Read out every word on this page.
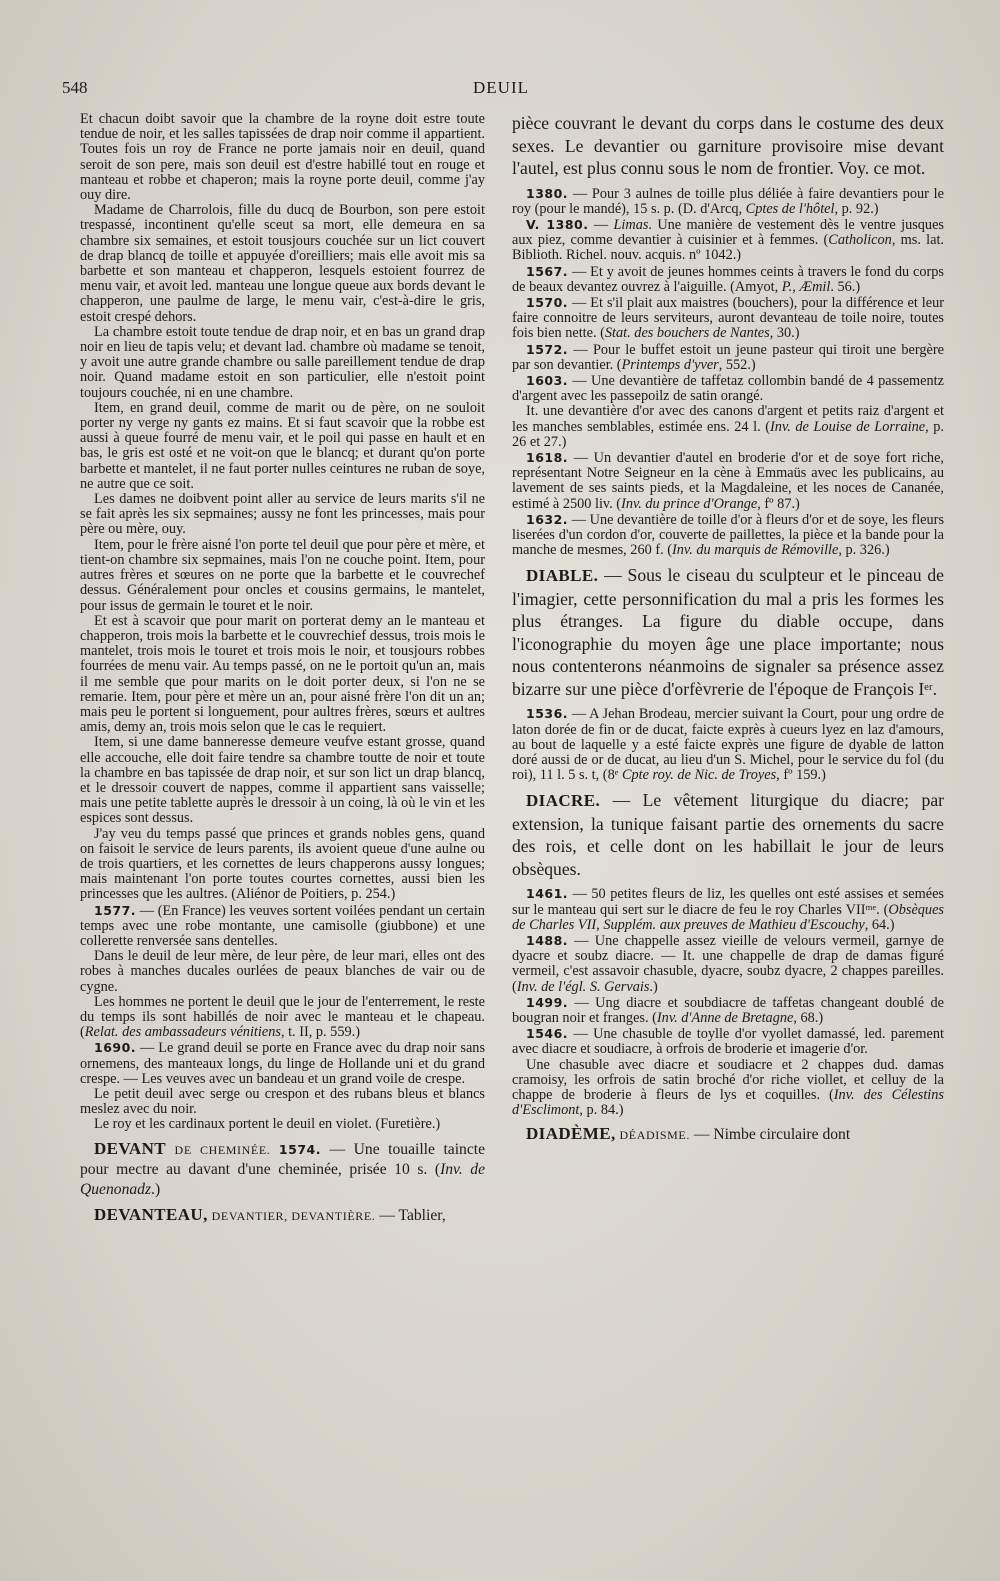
548	DEUIL

Et chacun doibt savoir que la chambre de la royne doit estre toute tendue de noir, et les salles tapissées de drap noir comme il appartient. Toutes fois un roy de France ne porte jamais noir en deuil, quand seroit de son pere, mais son deuil est d'estre habillé tout en rouge et manteau et robbe et chaperon; mais la royne porte deuil, comme j'ay ouy dire.

Madame de Charrolois, fille du ducq de Bourbon, son pere estoit trespassé, incontinent qu'elle sceut sa mort, elle demeura en sa chambre six semaines, et estoit tousjours couchée sur un lict couvert de drap blancq de toille et appuyée d'oreilliers; mais elle avoit mis sa barbette et son manteau et chapperon, lesquels estoient fourrez de menu vair, et avoit led. manteau une longue queue aux bords devant le chapperon, une paulme de large, le menu vair, c'est-à-dire le gris, estoit crespé dehors.

La chambre estoit toute tendue de drap noir, et en bas un grand drap noir en lieu de tapis velu; et devant lad. chambre où madame se tenoit, y avoit une autre grande chambre ou salle pareillement tendue de drap noir. Quand madame estoit en son particulier, elle n'estoit point toujours couchée, ni en une chambre.

Item, en grand deuil, comme de marit ou de père, on ne souloit porter ny verge ny gants ez mains. Et si faut scavoir que la robbe est aussi à queue fourré de menu vair, et le poil qui passe en hault et en bas, le gris est osté et ne voit-on que le blancq; et durant qu'on porte barbette et mantelet, il ne faut porter nulles ceintures ne ruban de soye, ne autre que ce soit.

Les dames ne doibvent point aller au service de leurs marits s'il ne se fait après les six sepmaines; aussy ne font les princesses, mais pour père ou mère, ouy.

Item, pour le frère aisné l'on porte tel deuil que pour père et mère, et tient-on chambre six sepmaines, mais l'on ne couche point. Item, pour autres frères et sœures on ne porte que la barbette et le couvrechef dessus. Généralement pour oncles et cousins germains, le mantelet, pour issus de germain le touret et le noir.

Et est à scavoir que pour marit on porterat demy an le manteau et chapperon, trois mois la barbette et le couvrechief dessus, trois mois le mantelet, trois mois le touret et trois mois le noir, et tousjours robbes fourrées de menu vair. Au temps passé, on ne le portoit qu'un an, mais il me semble que pour marits on le doit porter deux, si l'on ne se remarie. Item, pour père et mère un an, pour aisné frère l'on dit un an; mais peu le portent si longuement, pour aultres frères, sœurs et aultres amis, demy an, trois mois selon que le cas le requiert.

Item, si une dame banneresse demeure veufve estant grosse, quand elle accouche, elle doit faire tendre sa chambre toutte de noir et toute la chambre en bas tapissée de drap noir, et sur son lict un drap blancq, et le dressoir couvert de nappes, comme il appartient sans vaisselle; mais une petite tablette auprès le dressoir à un coing, là où le vin et les espices sont dessus.

J'ay veu du temps passé que princes et grands nobles gens, quand on faisoit le service de leurs parents, ils avoient queue d'une aulne ou de trois quartiers, et les cornettes de leurs chapperons aussy longues; mais maintenant l'on porte toutes courtes cornettes, aussi bien les princesses que les aultres. (Aliénor de Poitiers, p. 254.)

1577. — (En France) les veuves sortent voilées pendant un certain temps avec une robe montante, une camisolle (giubbone) et une collerette renversée sans dentelles.

Dans le deuil de leur mère, de leur père, de leur mari, elles ont des robes à manches ducales ourlées de peaux blanches de vair ou de cygne.

Les hommes ne portent le deuil que le jour de l'enterrement, le reste du temps ils sont habillés de noir avec le manteau et le chapeau. (Relat. des ambassadeurs vénitiens, t. II, p. 559.)

1690. — Le grand deuil se porte en France avec du drap noir sans ornemens, des manteaux longs, du linge de Hollande uni et du grand crespe. — Les veuves avec un bandeau et un grand voile de crespe.

Le petit deuil avec serge ou crespon et des rubans bleus et blancs meslez avec du noir.

Le roy et les cardinaux portent le deuil en violet. (Furetière.)

DEVANT DE CHEMINÉE. 1574. — Une touaille taincte pour mectre au davant d'une cheminée, prisée 10 s. (Inv. de Quenonadz.)

DEVANTEAU, DEVANTIER, DEVANTIÈRE. — Tablier,

pièce couvrant le devant du corps dans le costume des deux sexes. Le devantier ou garniture provisoire mise devant l'autel, est plus connu sous le nom de frontier. Voy. ce mot.

1380. — Pour 3 aulnes de toille plus déliée à faire devantiers pour le roy (pour le mandé), 15 s. p. (D. d'Arcq, Cptes de l'hôtel, p. 92.)

V. 1380. — Limas. Une manière de vestement dès le ventre jusques aux piez, comme devantier à cuisinier et à femmes. (Catholicon, ms. lat. Biblioth. Richel. nouv. acquis. nº 1042.)

1567. — Et y avoit de jeunes hommes ceints à travers le fond du corps de beaux devantez ouvrez à l'aiguille. (Amyot, P., Æmil. 56.)

1570. — Et s'il plait aux maistres (bouchers), pour la différence et leur faire connoitre de leurs serviteurs, auront devanteau de toile noire, toutes fois bien nette. (Stat. des bouchers de Nantes, 30.)

1572. — Pour le buffet estoit un jeune pasteur qui tiroit une bergère par son devantier. (Printemps d'yver, 552.)

1603. — Une devantière de taffetaz collombin bandé de 4 passementz d'argent avec les passepoilz de satin orangé.

It. une devantière d'or avec des canons d'argent et petits raiz d'argent et les manches semblables, estimée ens. 24 l. (Inv. de Louise de Lorraine, p. 26 et 27.)

1618. — Un devantier d'autel en broderie d'or et de soye fort riche, représentant Notre Seigneur en la cène à Emmaüs avec les publicains, au lavement de ses saints pieds, et la Magdaleine, et les noces de Cananée, estimé à 2500 liv. (Inv. du prince d'Orange, fº 87.)

1632. — Une devantière de toille d'or à fleurs d'or et de soye, les fleurs liserées d'un cordon d'or, couverte de paillettes, la pièce et la bande pour la manche de mesmes, 260 f. (Inv. du marquis de Rémoville, p. 326.)

DIABLE. — Sous le ciseau du sculpteur et le pinceau de l'imagier, cette personnification du mal a pris les formes les plus étranges. La figure du diable occupe, dans l'iconographie du moyen âge une place importante; nous nous contenterons néanmoins de signaler sa présence assez bizarre sur une pièce d'orfèvrerie de l'époque de François Iᵉʳ.

1536. — A Jehan Brodeau, mercier suivant la Court, pour ung ordre de laton dorée de fin or de ducat, faicte exprès à cueurs lyez en laz d'amours, au bout de laquelle y a esté faicte exprès une figure de dyable de latton doré aussi de or de ducat, au lieu d'un S. Michel, pour le service du fol (du roi), 11 l. 5 s. t, (8ᵉ Cpte roy. de Nic. de Troyes, fº 159.)

DIACRE. — Le vêtement liturgique du diacre; par extension, la tunique faisant partie des ornements du sacre des rois, et celle dont on les habillait le jour de leurs obsèques.

1461. — 50 petites fleurs de liz, les quelles ont esté assises et semées sur le manteau qui sert sur le diacre de feu le roy Charles VIIᵐᵉ. (Obsèques de Charles VII, Supplém. aux preuves de Mathieu d'Escouchy, 64.)

1488. — Une chappelle assez vieille de velours vermeil, garnye de dyacre et soubz diacre. — It. une chappelle de drap de damas figuré vermeil, c'est assavoir chasuble, dyacre, soubz dyacre, 2 chappes pareilles. (Inv. de l'égl. S. Gervais.)

1499. — Ung diacre et soubdiacre de taffetas changeant doublé de bougran noir et franges. (Inv. d'Anne de Bretagne, 68.)

1546. — Une chasuble de toylle d'or vyollet damassé, led. parement avec diacre et soudiacre, à orfrois de broderie et imagerie d'or.

Une chasuble avec diacre et soudiacre et 2 chappes dud. damas cramoisy, les orfrois de satin broché d'or riche viollet, et celluy de la chappe de broderie à fleurs de lys et coquilles. (Inv. des Célestins d'Esclimont, p. 84.)

DIADÈME, DÉADISME. — Nimbe circulaire dont
